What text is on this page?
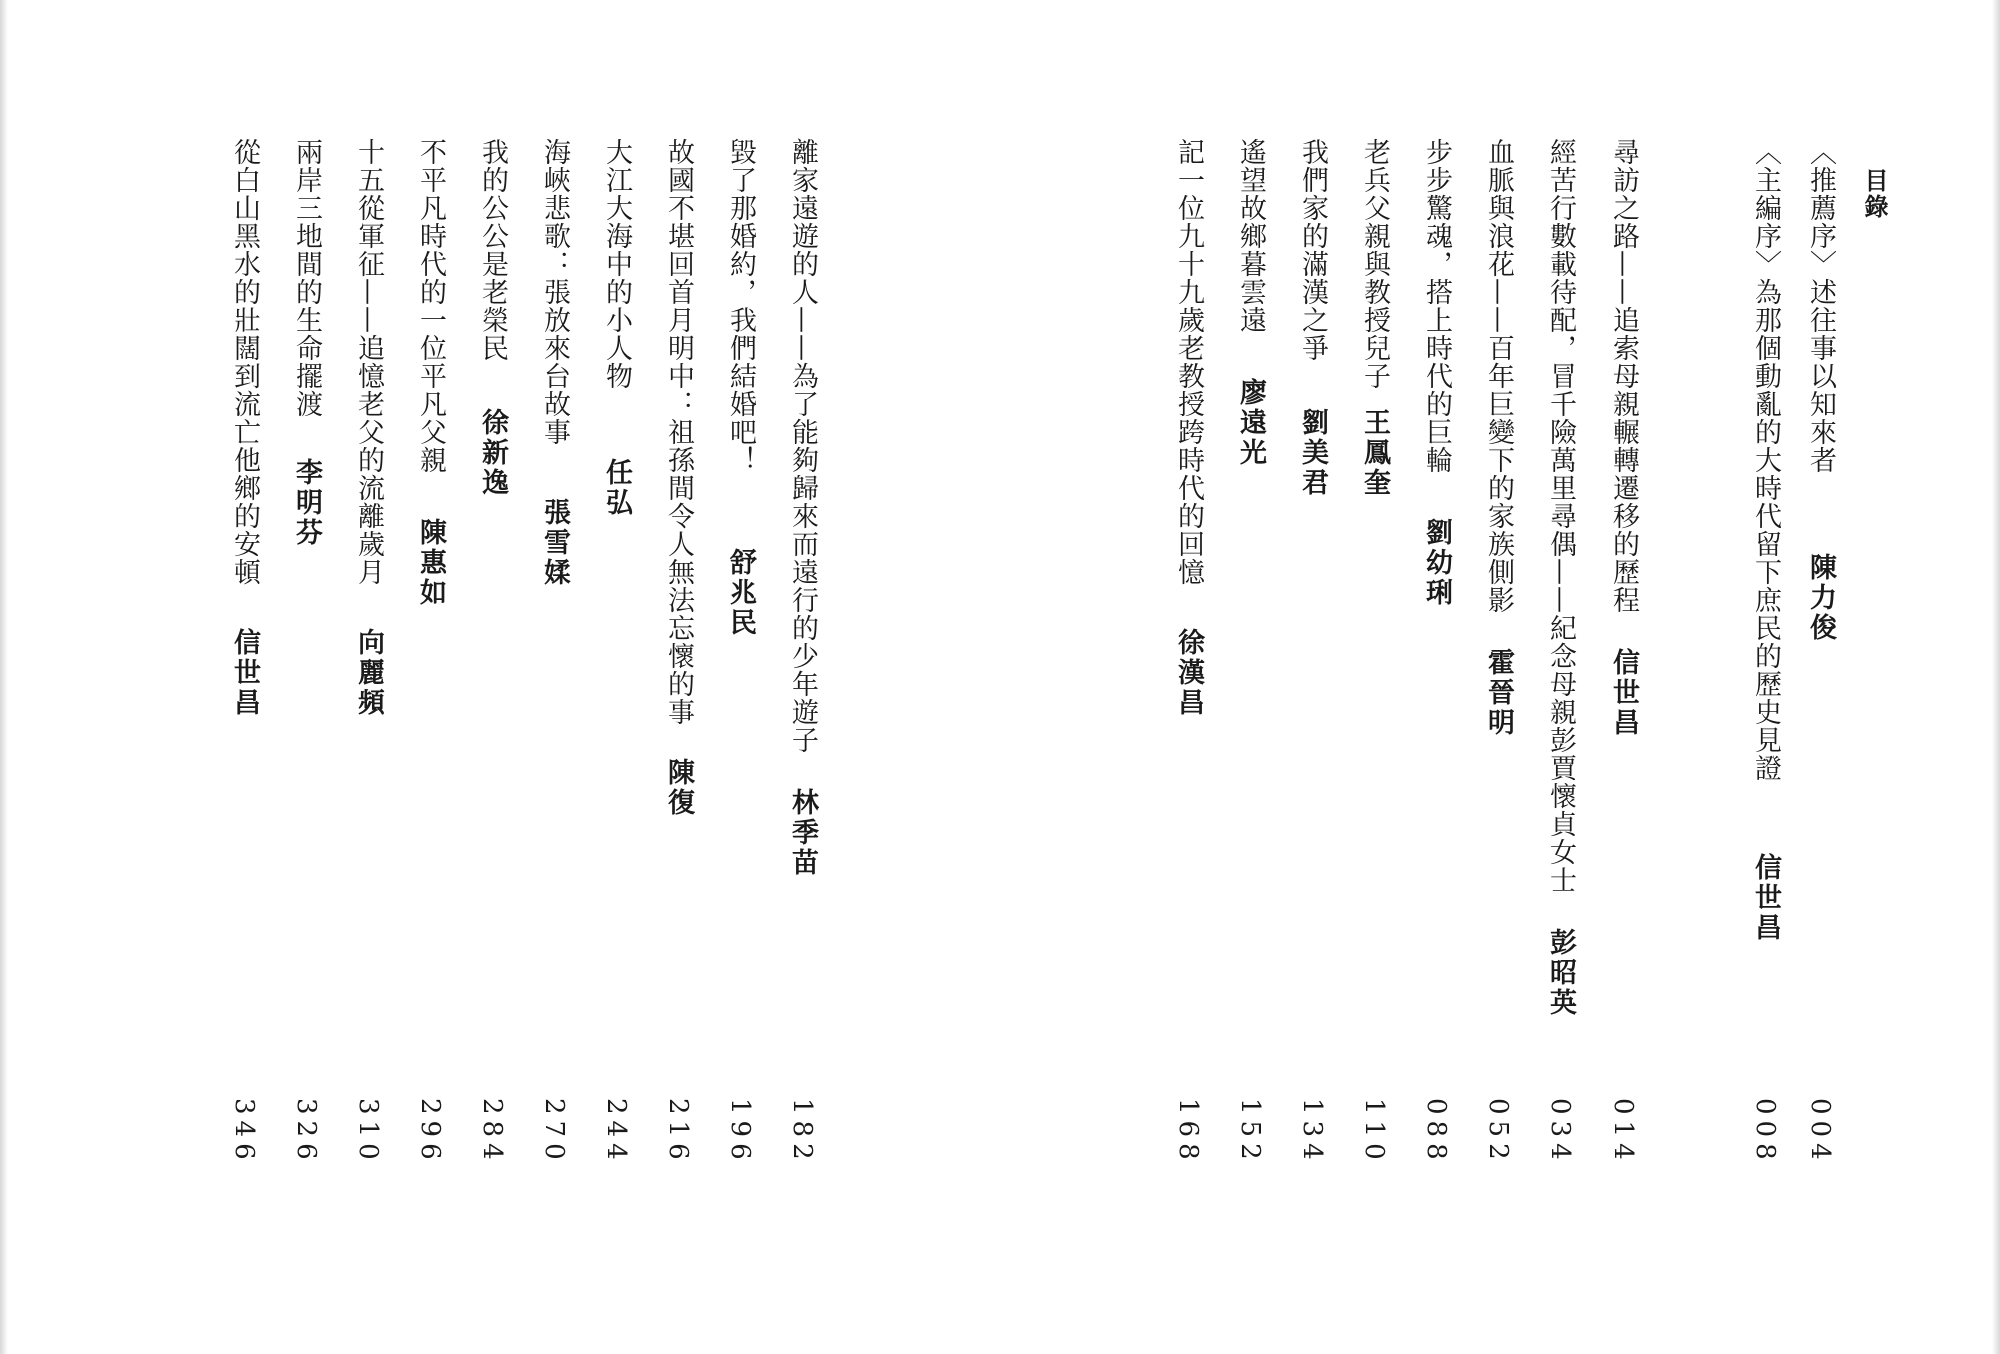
目錄
〈推薦序〉述往事以知來者
陳力俊
004
〈主編序〉為那個動亂的大時代留下庶民的歷史見證
信世昌
008
尋訪之路——追索母親輾轉遷移的歷程
信世昌
014
經苦行數載待配，冒千險萬里尋偶——紀念母親彭賈懷貞女士
彭昭英
034
血脈與浪花——百年巨變下的家族側影
霍晉明
052
步步驚魂，搭上時代的巨輪
劉幼琍
088
老兵父親與教授兒子
王鳳奎
110
我們家的滿漢之爭
劉美君
134
遙望故鄉暮雲遠
廖遠光
152
記一位九十九歲老教授跨時代的回憶
徐漢昌
168
離家遠遊的人——為了能夠歸來而遠行的少年遊子
林季苗
182
毀了那婚約，我們結婚吧！
舒兆民
196
故國不堪回首月明中：祖孫間令人無法忘懷的事
陳復
216
大江大海中的小人物
任弘
244
海峽悲歌：張放來台故事
張雪媃
270
我的公公是老榮民
徐新逸
284
不平凡時代的一位平凡父親
陳惠如
296
十五從軍征——追憶老父的流離歲月
向麗頻
310
兩岸三地間的生命擺渡
李明芬
326
從白山黑水的壯闊到流亡他鄉的安頓
信世昌
346
